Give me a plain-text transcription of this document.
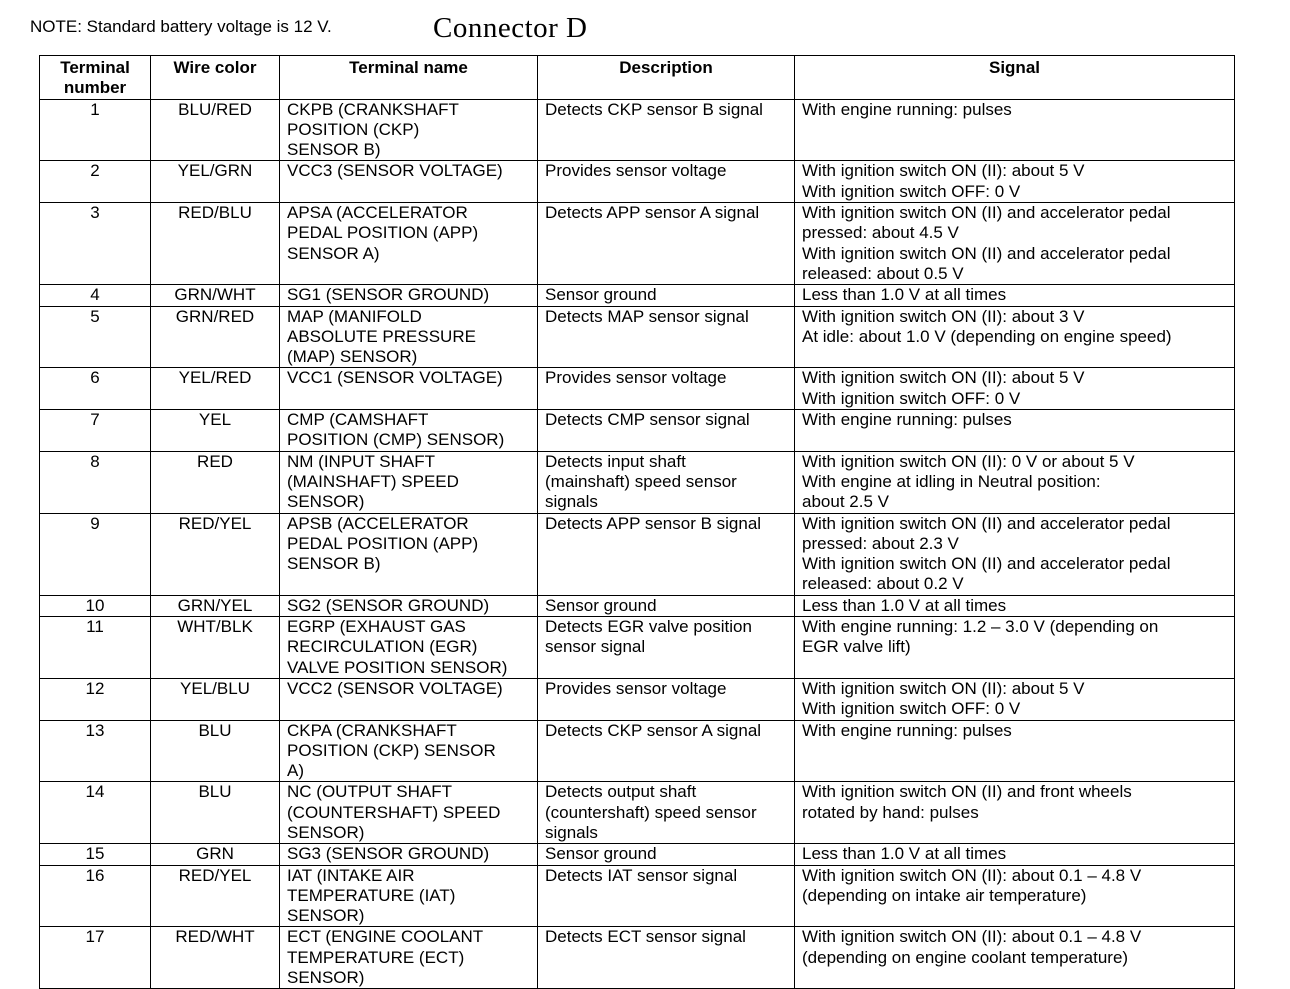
NOTE: Standard battery voltage is 12 V.	Connector D
Terminal
number	Wire color	Terminal name	Description	Signal
1	BLU/RED	CKPB (CRANKSHAFT
POSITION (CKP)
SENSOR B)	Detects CKP sensor B signal	With engine running: pulses

2	YEL/GRN	VCC3 (SENSOR VOLTAGE)	Provides sensor voltage	With ignition switch ON (II): about 5 V
With ignition switch OFF: 0 V

3	RED/BLU	APSA (ACCELERATOR
PEDAL POSITION (APP)
SENSOR A)	Detects APP sensor A signal	With ignition switch ON (II) and accelerator pedal
pressed: about 4.5 V
With ignition switch ON (II) and accelerator pedal
released: about 0.5 V

4	GRN/WHT	SG1 (SENSOR GROUND)	Sensor ground	Less than 1.0 V at all times

5	GRN/RED	MAP (MANIFOLD
ABSOLUTE PRESSURE
(MAP) SENSOR)	Detects MAP sensor signal	With ignition switch ON (II): about 3 V
At idle: about 1.0 V (depending on engine speed)

6	YEL/RED	VCC1 (SENSOR VOLTAGE)	Provides sensor voltage	With ignition switch ON (II): about 5 V
With ignition switch OFF: 0 V

7	YEL	CMP (CAMSHAFT
POSITION (CMP) SENSOR)	Detects CMP sensor signal	With engine running: pulses

8	RED	NM (INPUT SHAFT
(MAINSHAFT) SPEED
SENSOR)	Detects input shaft
(mainshaft) speed sensor
signals	With ignition switch ON (II): 0 V or about 5 V
With engine at idling in Neutral position:
about 2.5 V

9	RED/YEL	APSB (ACCELERATOR
PEDAL POSITION (APP)
SENSOR B)	Detects APP sensor B signal	With ignition switch ON (II) and accelerator pedal
pressed: about 2.3 V
With ignition switch ON (II) and accelerator pedal
released: about 0.2 V

10	GRN/YEL	SG2 (SENSOR GROUND)	Sensor ground	Less than 1.0 V at all times

11	WHT/BLK	EGRP (EXHAUST GAS
RECIRCULATION (EGR)
VALVE POSITION SENSOR)	Detects EGR valve position
sensor signal	With engine running: 1.2 – 3.0 V (depending on
EGR valve lift)

12	YEL/BLU	VCC2 (SENSOR VOLTAGE)	Provides sensor voltage	With ignition switch ON (II): about 5 V
With ignition switch OFF: 0 V

13	BLU	CKPA (CRANKSHAFT
POSITION (CKP) SENSOR
A)	Detects CKP sensor A signal	With engine running: pulses

14	BLU	NC (OUTPUT SHAFT
(COUNTERSHAFT) SPEED
SENSOR)	Detects output shaft
(countershaft) speed sensor
signals	With ignition switch ON (II) and front wheels
rotated by hand: pulses

15	GRN	SG3 (SENSOR GROUND)	Sensor ground	Less than 1.0 V at all times

16	RED/YEL	IAT (INTAKE AIR
TEMPERATURE (IAT)
SENSOR)	Detects IAT sensor signal	With ignition switch ON (II): about 0.1 – 4.8 V
(depending on intake air temperature)

17	RED/WHT	ECT (ENGINE COOLANT
TEMPERATURE (ECT)
SENSOR)	Detects ECT sensor signal	With ignition switch ON (II): about 0.1 – 4.8 V
(depending on engine coolant temperature)
